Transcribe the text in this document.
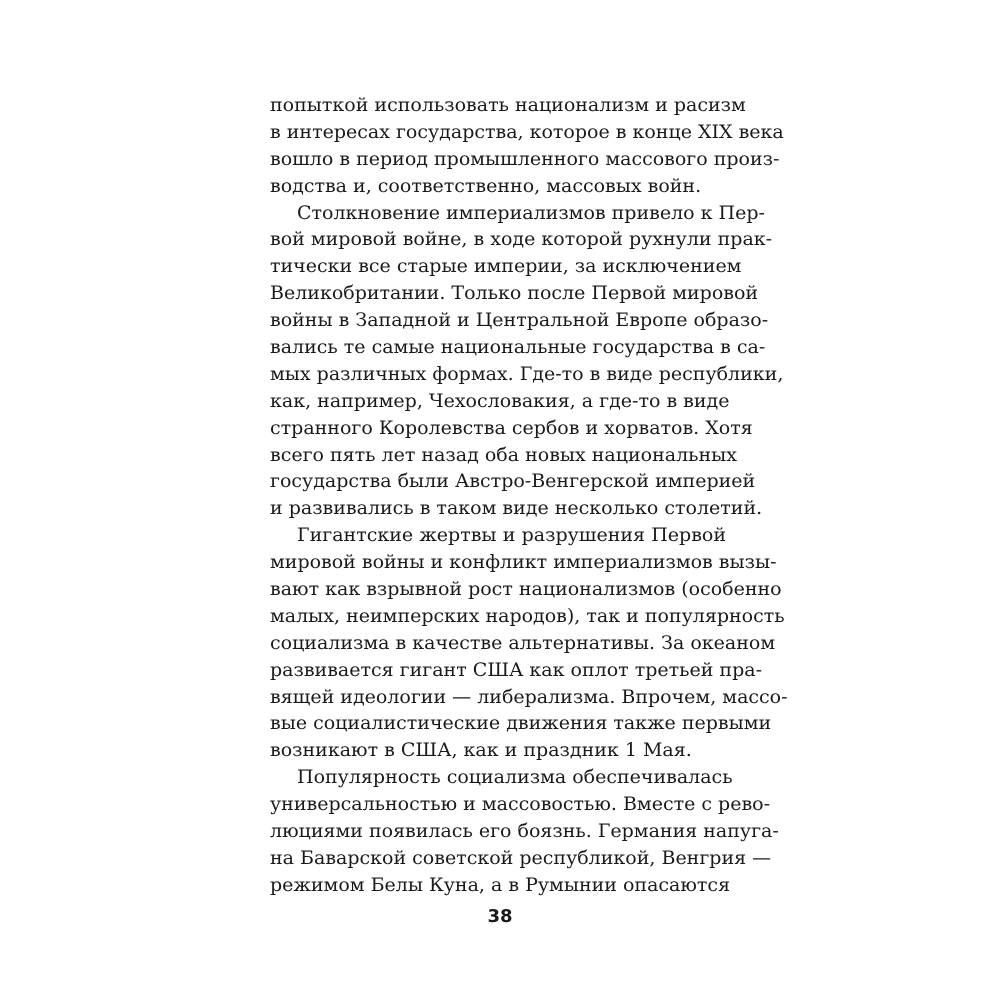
попыткой использовать национализм и расизм
в интересах государства, которое в конце XIX века
вошло в период промышленного массового произ-
водства и, соответственно, массовых войн.
Столкновение империализмов привело к Пер-
вой мировой войне, в ходе которой рухнули прак-
тически все старые империи, за исключением
Великобритании. Только после Первой мировой
войны в Западной и Центральной Европе образо-
вались те самые национальные государства в са-
мых различных формах. Где-то в виде республики,
как, например, Чехословакия, а где-то в виде
странного Королевства сербов и хорватов. Хотя
всего пять лет назад оба новых национальных
государства были Австро-Венгерской империей
и развивались в таком виде несколько столетий.
Гигантские жертвы и разрушения Первой
мировой войны и конфликт империализмов вызы-
вают как взрывной рост национализмов (особенно
малых, неимперских народов), так и популярность
социализма в качестве альтернативы. За океаном
развивается гигант США как оплот третьей пра-
вящей идеологии — либерализма. Впрочем, массо-
вые социалистические движения также первыми
возникают в США, как и праздник 1 Мая.
Популярность социализма обеспечивалась
универсальностью и массовостью. Вместе с рево-
люциями появилась его боязнь. Германия напуга-
на Баварской советской республикой, Венгрия —
режимом Белы Куна, а в Румынии опасаются
38
